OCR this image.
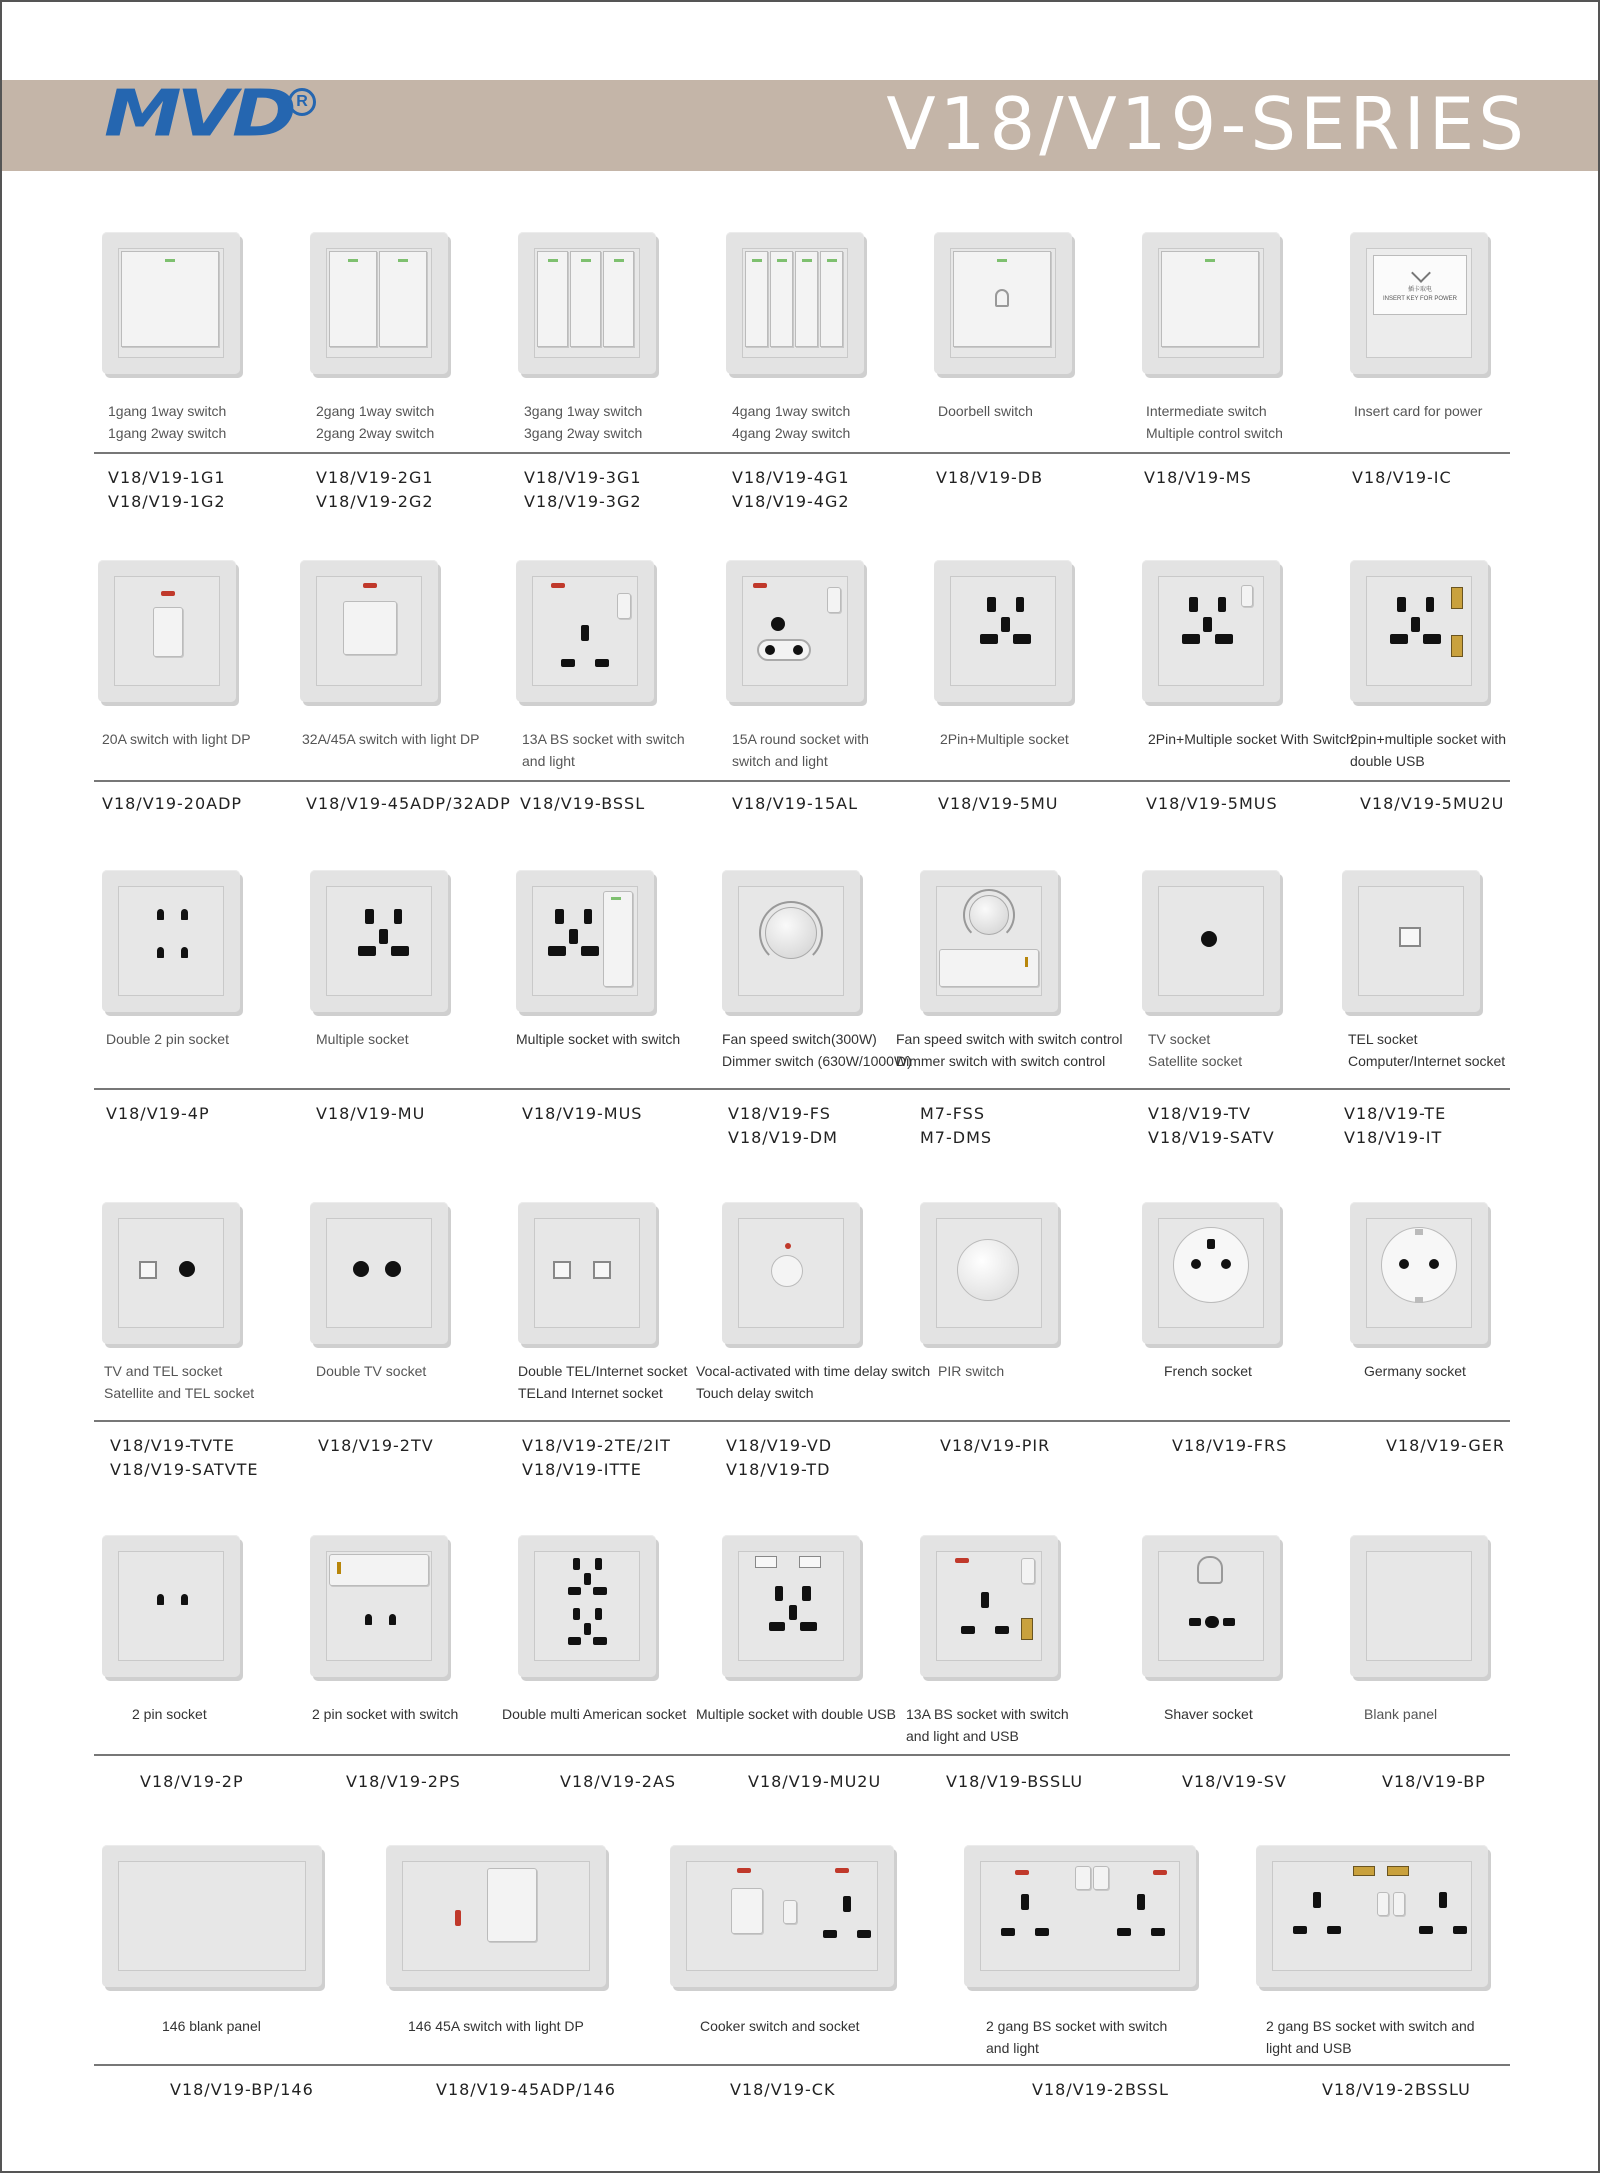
MVD R	V18/V19-SERIES
1gang 1way switch
1gang 2way switch
V18/V19-1G1
V18/V19-1G2
2gang 1way switch
2gang 2way switch
V18/V19-2G1
V18/V19-2G2
3gang 1way switch
3gang 2way switch
V18/V19-3G1
V18/V19-3G2
4gang 1way switch
4gang 2way switch
V18/V19-4G1
V18/V19-4G2
Doorbell switch
V18/V19-DB
Intermediate switch
Multiple control switch
V18/V19-MS
插卡取电
INSERT KEY FOR POWER
Insert card for power
V18/V19-IC
20A switch with light DP
V18/V19-20ADP
32A/45A switch with light DP
V18/V19-45ADP/32ADP
13A BS socket with switch
and light
V18/V19-BSSL
15A round socket with
switch and light
V18/V19-15AL
2Pin+Multiple socket
V18/V19-5MU
2Pin+Multiple socket With Switch
V18/V19-5MUS
2pin+multiple socket with
double USB
V18/V19-5MU2U
Double 2 pin socket
V18/V19-4P
Multiple socket
V18/V19-MU
Multiple socket with switch
V18/V19-MUS
Fan speed switch(300W)
Dimmer switch (630W/1000W)
V18/V19-FS
V18/V19-DM
Fan speed switch with switch control
Dimmer switch with switch control
M7-FSS
M7-DMS
TV socket
Satellite socket
V18/V19-TV
V18/V19-SATV
TEL socket
Computer/Internet socket
V18/V19-TE
V18/V19-IT
TV and TEL socket
Satellite and TEL socket
V18/V19-TVTE
V18/V19-SATVTE
Double TV socket
V18/V19-2TV
Double TEL/Internet socket
TELand Internet socket
V18/V19-2TE/2IT
V18/V19-ITTE
Vocal-activated with time delay switch
Touch delay switch
V18/V19-VD
V18/V19-TD
PIR switch
V18/V19-PIR
French socket
V18/V19-FRS
Germany socket
V18/V19-GER
2 pin socket
V18/V19-2P
2 pin socket with switch
V18/V19-2PS
Double multi American socket
V18/V19-2AS
Multiple socket with double USB
V18/V19-MU2U
13A BS socket with switch
and light and USB
V18/V19-BSSLU
Shaver socket
V18/V19-SV
Blank panel
V18/V19-BP
146 blank panel
V18/V19-BP/146
146 45A switch with light DP
V18/V19-45ADP/146
Cooker switch and socket
V18/V19-CK
2 gang BS socket with switch
and light
V18/V19-2BSSL
2 gang BS socket with switch and
light and USB
V18/V19-2BSSLU
